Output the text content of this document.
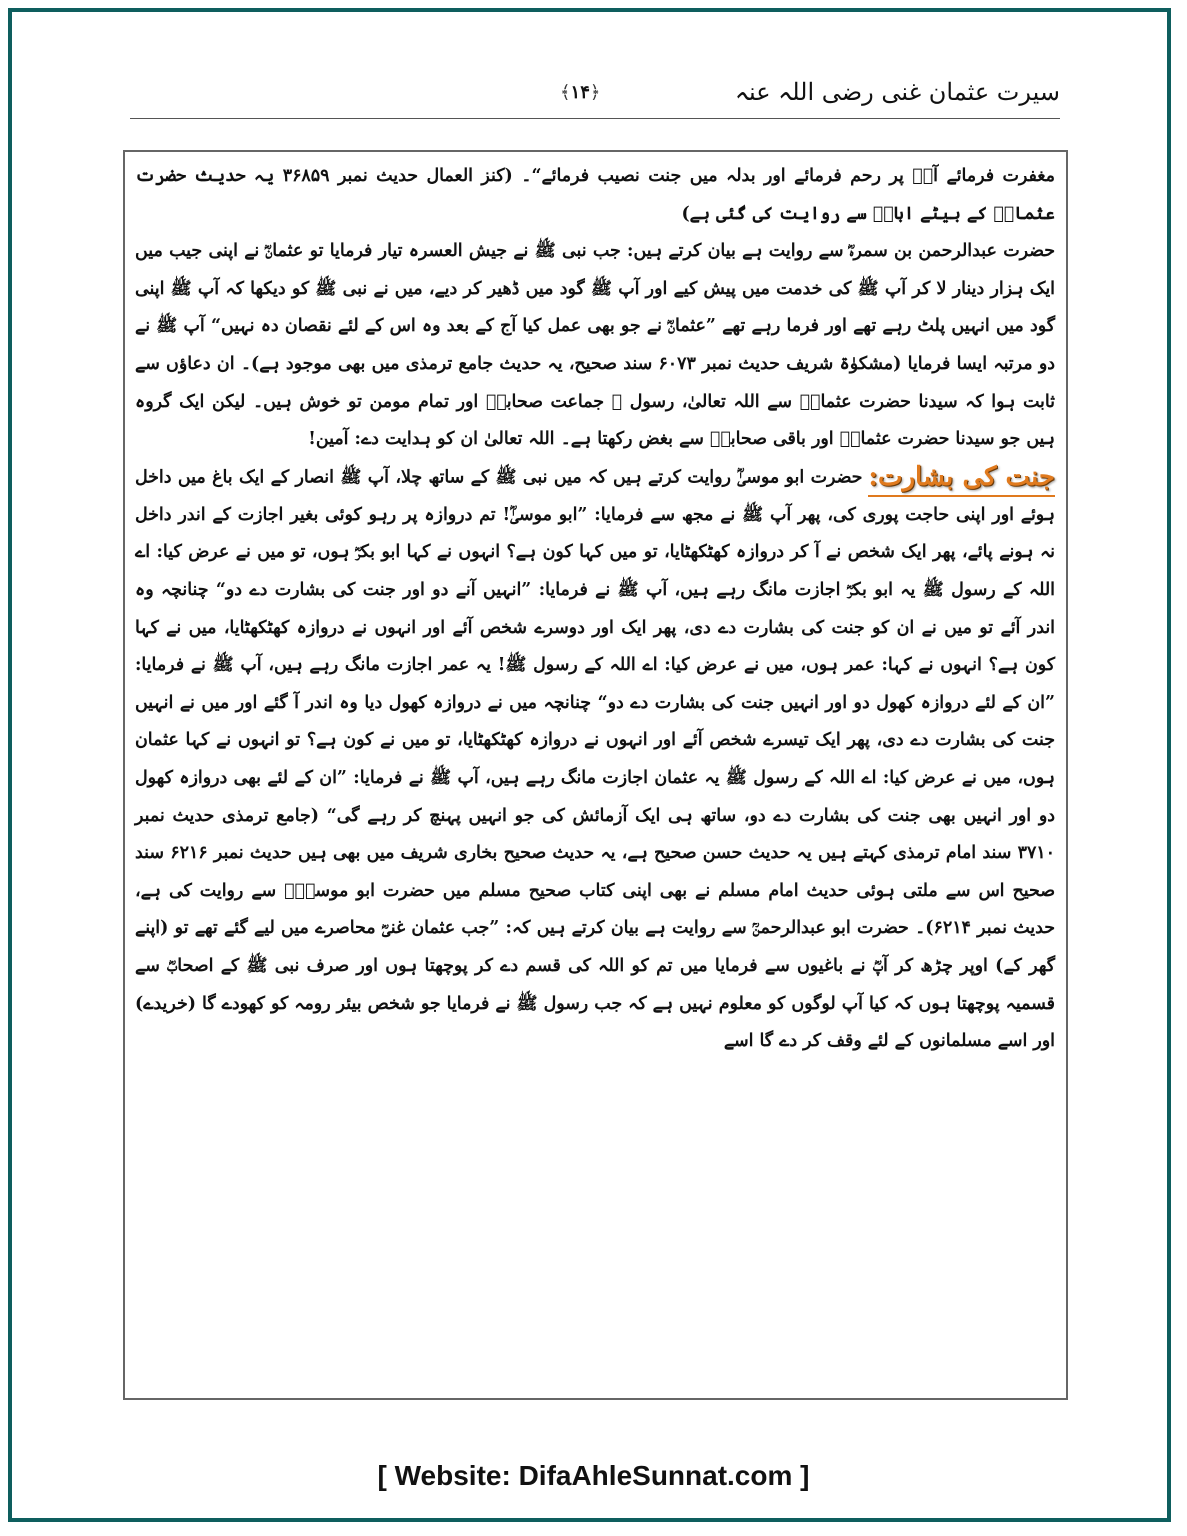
سیرت عثمان غنی رضی اللہ عنہ
﴾۱۴﴿

مغفرت فرمائے آپؓ پر رحم فرمائے اور بدلہ میں جنت نصیب فرمائے“۔ (کنز العمال حدیث نمبر ۳۶۸۵۹ یہ حدیث حضرت عثمانؓ کے بیٹے ابانؓ سے روایت کی گئی ہے)

حضرت عبدالرحمن بن سمرہؓ سے روایت ہے بیان کرتے ہیں: جب نبی ﷺ نے جیش العسرہ تیار فرمایا تو عثمانؓ نے اپنی جیب میں ایک ہزار دینار لا کر آپ ﷺ کی خدمت میں پیش کیے اور آپ ﷺ گود میں ڈھیر کر دیے، میں نے نبی ﷺ کو دیکھا کہ آپ ﷺ اپنی گود میں انہیں پلٹ رہے تھے اور فرما رہے تھے ”عثمانؓ نے جو بھی عمل کیا آج کے بعد وہ اس کے لئے نقصان دہ نہیں“ آپ ﷺ نے دو مرتبہ ایسا فرمایا (مشکوٰۃ شریف حدیث نمبر ۶۰۷۳ سند صحیح، یہ حدیث جامع ترمذی میں بھی موجود ہے)۔ ان دعاؤں سے ثابت ہوا کہ سیدنا حضرت عثمانؓ سے اللہ تعالیٰ، رسول ﷺ جماعت صحابہؓ اور تمام مومن تو خوش ہیں۔ لیکن ایک گروہ ہیں جو سیدنا حضرت عثمانؓ اور باقی صحابہؓ سے بغض رکھتا ہے۔ اللہ تعالیٰ ان کو ہدایت دے: آمین!

جنت کی بشارت:حضرت ابو موسیٰؓ روایت کرتے ہیں کہ میں نبی ﷺ کے ساتھ چلا، آپ ﷺ انصار کے ایک باغ میں داخل ہوئے اور اپنی حاجت پوری کی، پھر آپ ﷺ نے مجھ سے فرمایا: ”ابو موسیٰؓ! تم دروازہ پر رہو کوئی بغیر اجازت کے اندر داخل نہ ہونے پائے، پھر ایک شخص نے آ کر دروازہ کھٹکھٹایا، تو میں کہا کون ہے؟ انہوں نے کہا ابو بکرؓ ہوں، تو میں نے عرض کیا: اے اللہ کے رسول ﷺ یہ ابو بکرؓ اجازت مانگ رہے ہیں، آپ ﷺ نے فرمایا: ”انہیں آنے دو اور جنت کی بشارت دے دو“ چنانچہ وہ اندر آئے تو میں نے ان کو جنت کی بشارت دے دی، پھر ایک اور دوسرے شخص آئے اور انہوں نے دروازہ کھٹکھٹایا، میں نے کہا کون ہے؟ انہوں نے کہا: عمر ہوں، میں نے عرض کیا: اے اللہ کے رسول ﷺ! یہ عمر اجازت مانگ رہے ہیں، آپ ﷺ نے فرمایا: ”ان کے لئے دروازہ کھول دو اور انہیں جنت کی بشارت دے دو“ چنانچہ میں نے دروازہ کھول دیا وہ اندر آ گئے اور میں نے انہیں جنت کی بشارت دے دی، پھر ایک تیسرے شخص آئے اور انہوں نے دروازہ کھٹکھٹایا، تو میں نے کون ہے؟ تو انہوں نے کہا عثمان ہوں، میں نے عرض کیا: اے اللہ کے رسول ﷺ یہ عثمان اجازت مانگ رہے ہیں، آپ ﷺ نے فرمایا: ”ان کے لئے بھی دروازہ کھول دو اور انہیں بھی جنت کی بشارت دے دو، ساتھ ہی ایک آزمائش کی جو انہیں پہنچ کر رہے گی“ (جامع ترمذی حدیث نمبر ۳۷۱۰ سند امام ترمذی کہتے ہیں یہ حدیث حسن صحیح ہے، یہ حدیث صحیح بخاری شریف میں بھی ہیں حدیث نمبر ۶۲۱۶ سند صحیح اس سے ملتی ہوئی حدیث امام مسلم نے بھی اپنی کتاب صحیح مسلم میں حضرت ابو موسیٰؓ سے روایت کی ہے، حدیث نمبر ۶۲۱۴)۔ حضرت ابو عبدالرحمنؒ سے روایت ہے بیان کرتے ہیں کہ: ”جب عثمان غنیؓ محاصرے میں لیے گئے تھے تو (اپنے گھر کے) اوپر چڑھ کر آپؓ نے باغیوں سے فرمایا میں تم کو اللہ کی قسم دے کر پوچھتا ہوں اور صرف نبی ﷺ کے اصحابؓ سے قسمیہ پوچھتا ہوں کہ کیا آپ لوگوں کو معلوم نہیں ہے کہ جب رسول ﷺ نے فرمایا جو شخص بیئر رومہ کو کھودے گا (خریدے) اور اسے مسلمانوں کے لئے وقف کر دے گا اسے

[ Website: DifaAhleSunnat.com ]
